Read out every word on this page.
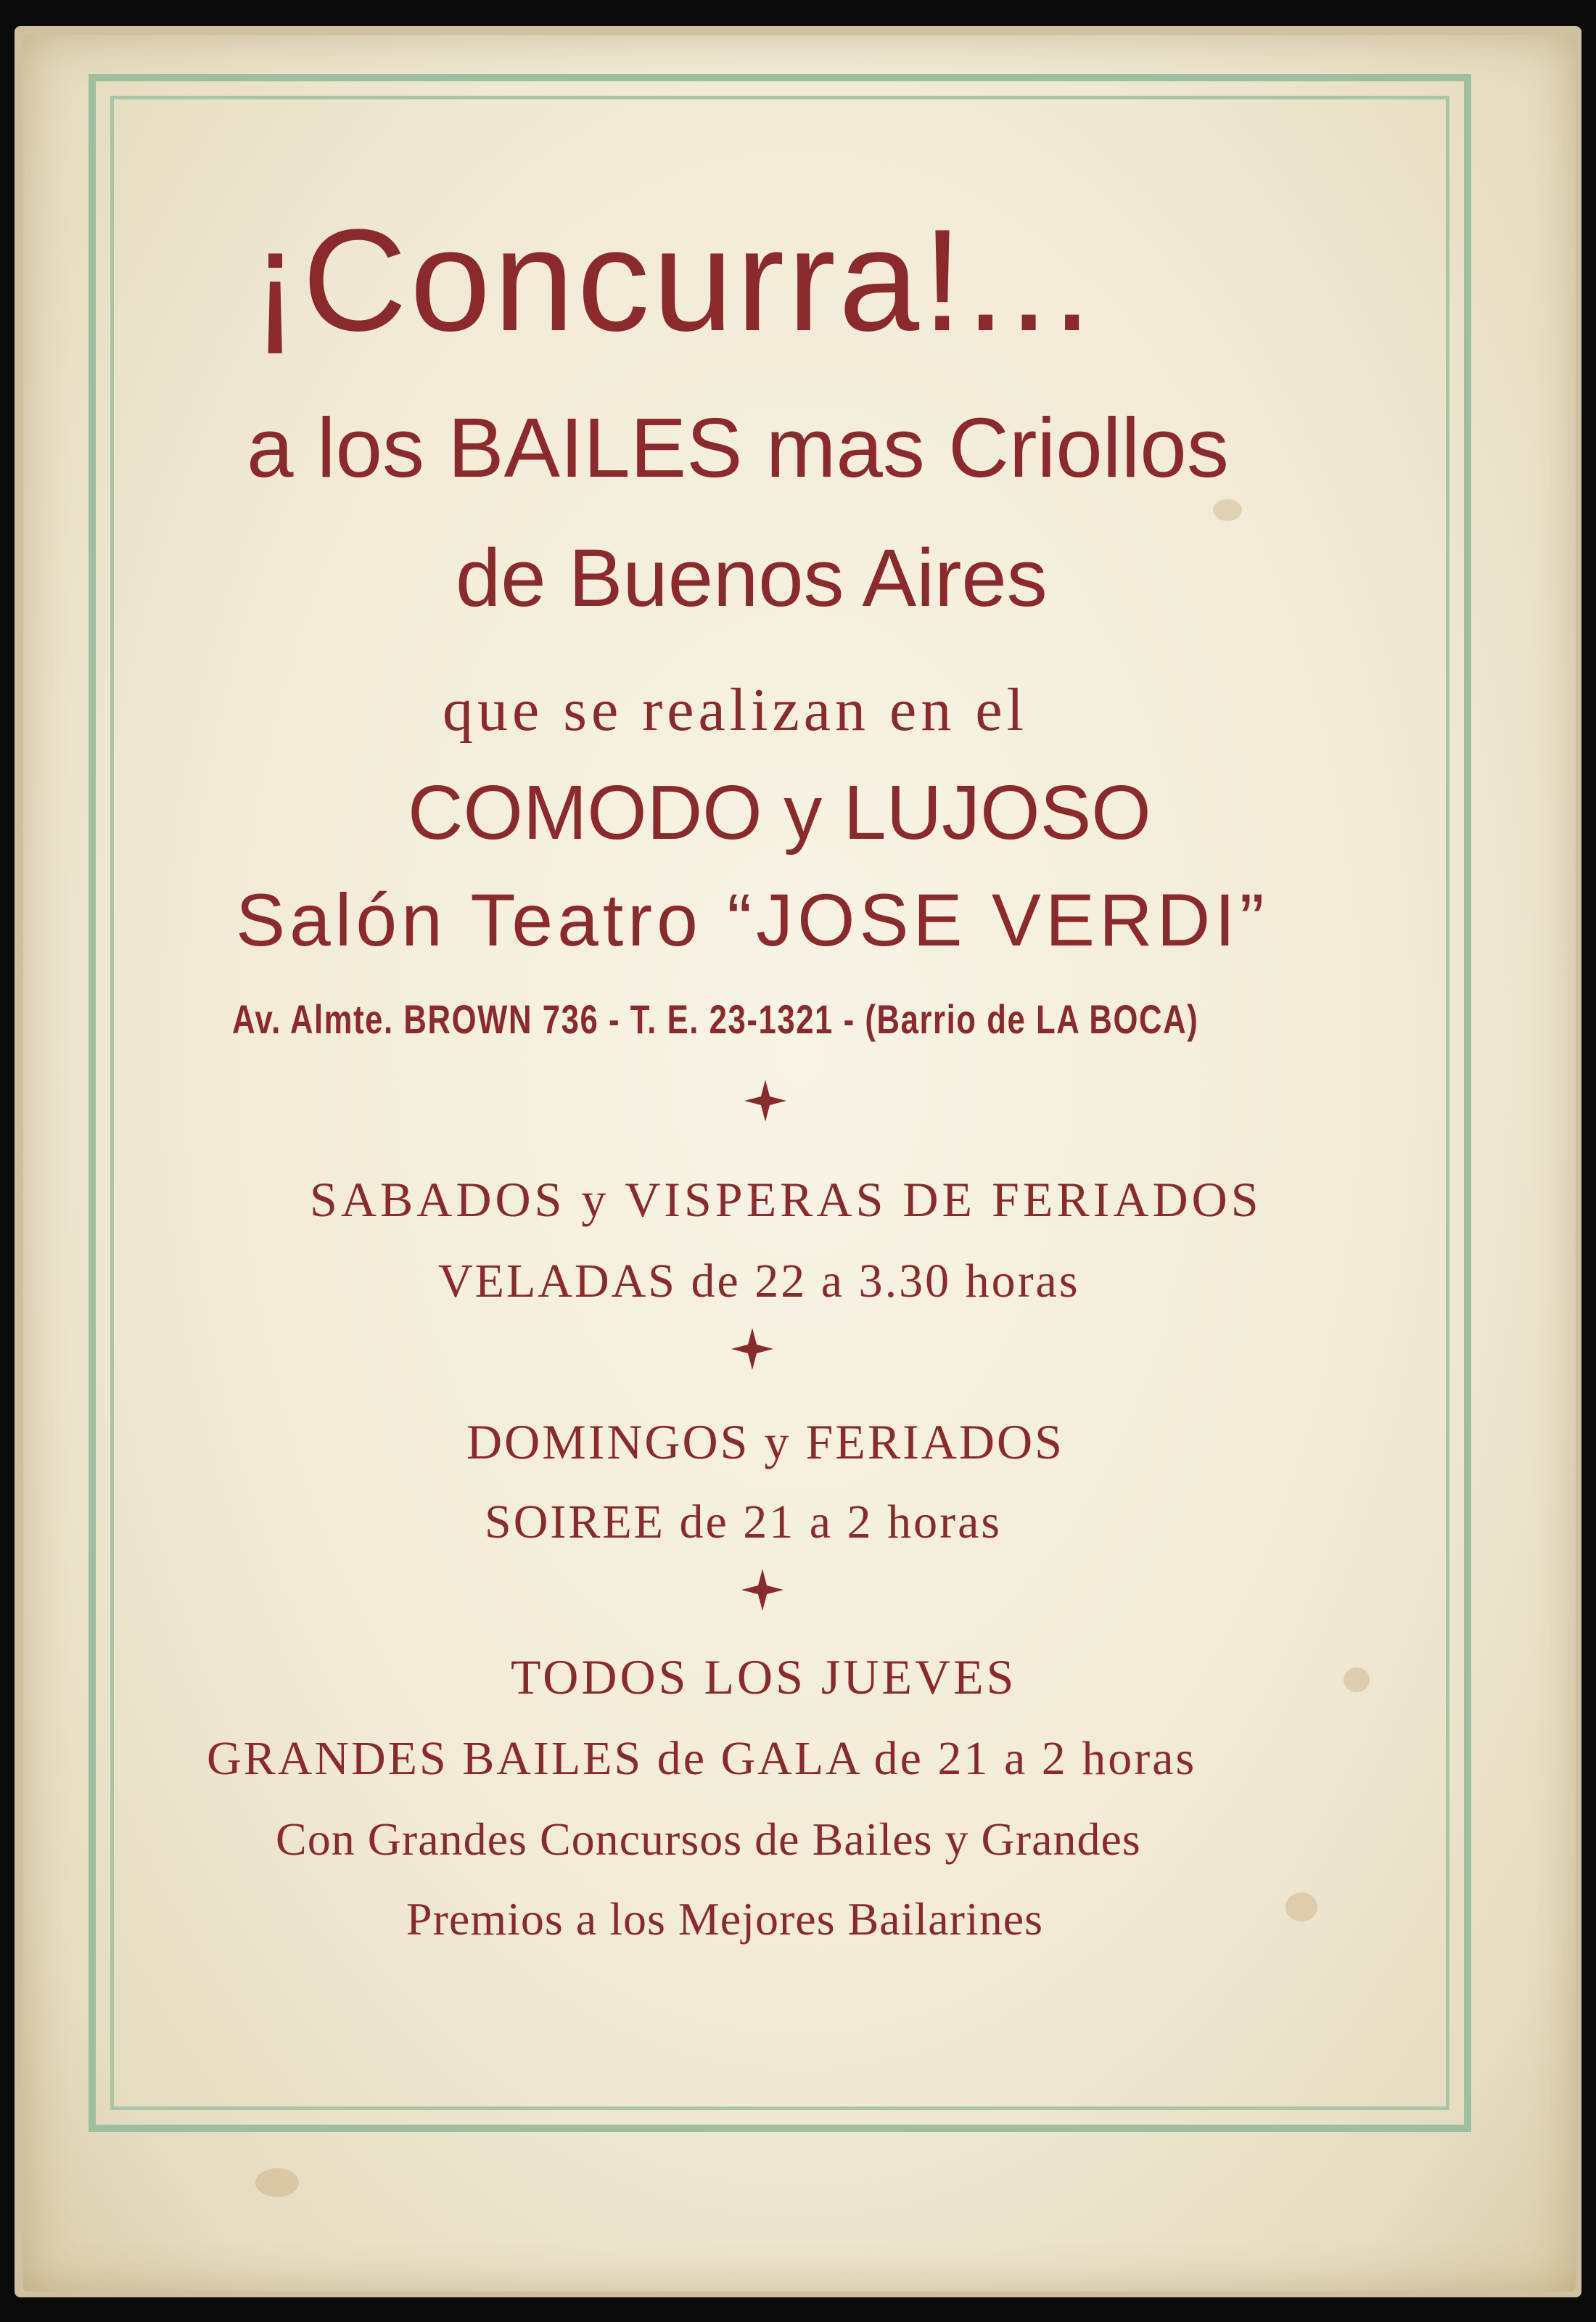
¡Concurra!...
a los BAILES mas Criollos
de Buenos Aires
que se realizan en el
COMODO y LUJOSO
Salón Teatro “JOSE VERDI”
Av. Almte. BROWN 736 - T. E. 23-1321 - (Barrio de LA BOCA)
SABADOS y VISPERAS DE FERIADOS
VELADAS de 22 a 3.30 horas
DOMINGOS y FERIADOS
SOIREE de 21 a 2 horas
TODOS LOS JUEVES
GRANDES BAILES de GALA de 21 a 2 horas
Con Grandes Concursos de Bailes y Grandes
Premios a los Mejores Bailarines
